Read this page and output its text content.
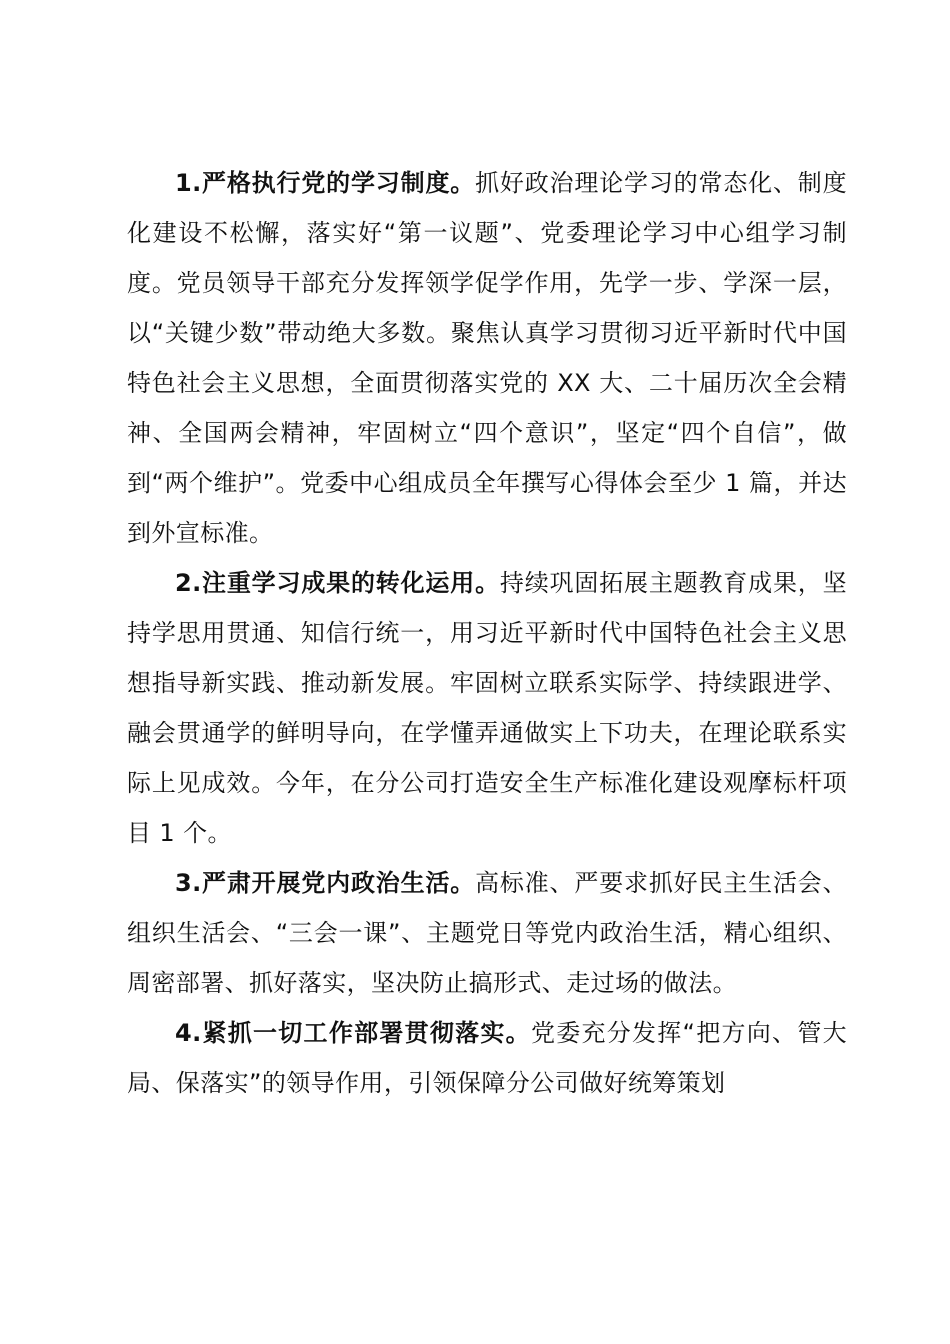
1.严格执行党的学习制度。抓好政治理论学习的常态化、制度化建设不松懈，落实好“第一议题”、党委理论学习中心组学习制度。党员领导干部充分发挥领学促学作用，先学一步、学深一层，以“关键少数”带动绝大多数。聚焦认真学习贯彻习近平新时代中国特色社会主义思想，全面贯彻落实党的 XX 大、二十届历次全会精神、全国两会精神，牢固树立“四个意识”，坚定“四个自信”，做到“两个维护”。党委中心组成员全年撰写心得体会至少 1 篇，并达到外宣标准。

2.注重学习成果的转化运用。持续巩固拓展主题教育成果，坚持学思用贯通、知信行统一，用习近平新时代中国特色社会主义思想指导新实践、推动新发展。牢固树立联系实际学、持续跟进学、融会贯通学的鲜明导向，在学懂弄通做实上下功夫，在理论联系实际上见成效。今年，在分公司打造安全生产标准化建设观摩标杆项目 1 个。

3.严肃开展党内政治生活。高标准、严要求抓好民主生活会、组织生活会、“三会一课”、主题党日等党内政治生活，精心组织、周密部署、抓好落实，坚决防止搞形式、走过场的做法。

4.紧抓一切工作部署贯彻落实。党委充分发挥“把方向、管大局、保落实”的领导作用，引领保障分公司做好统筹策划
